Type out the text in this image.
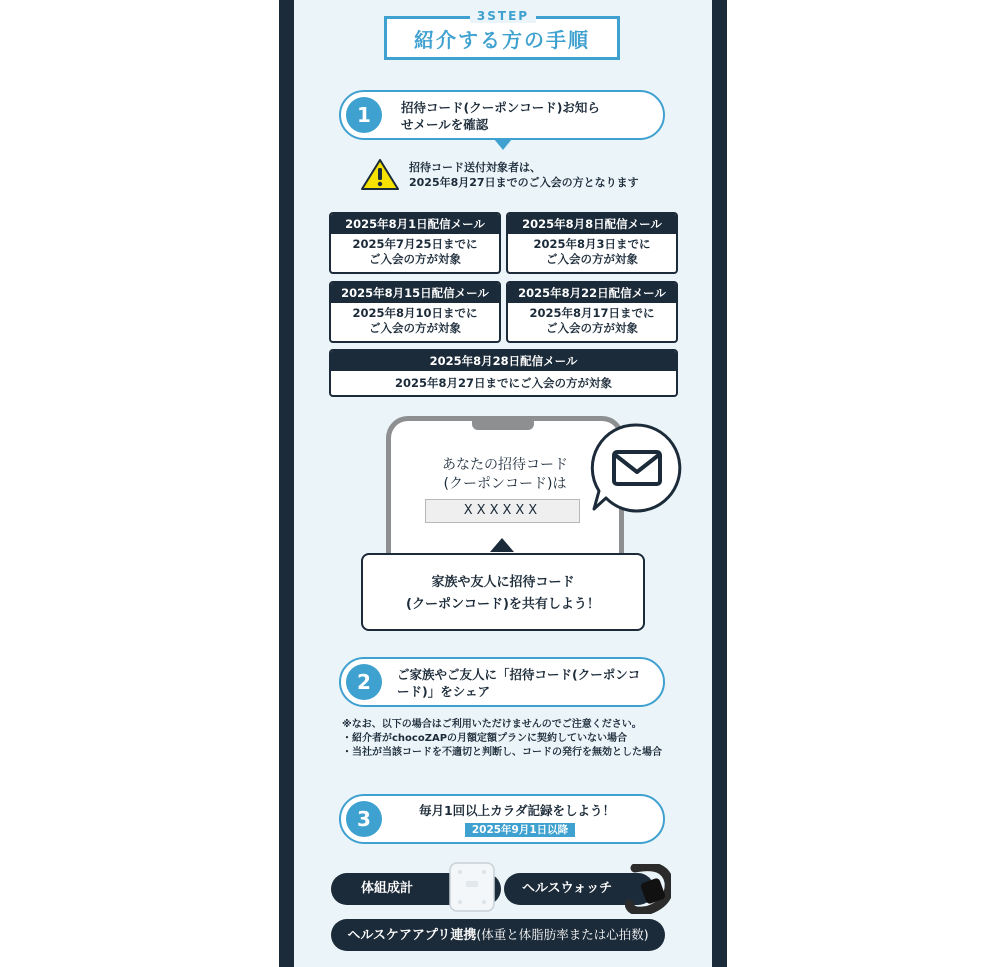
3STEP
紹介する方の手順
1	招待コード(クーポンコード)お知らせメールを確認
招待コード送付対象者は、
2025年8月27日までのご入会の方となります
2025年8月1日配信メール
2025年7月25日までに
ご入会の方が対象
2025年8月8日配信メール
2025年8月3日までに
ご入会の方が対象
2025年8月15日配信メール
2025年8月10日までに
ご入会の方が対象
2025年8月22日配信メール
2025年8月17日までに
ご入会の方が対象
2025年8月28日配信メール
2025年8月27日までにご入会の方が対象
あなたの招待コード
(クーポンコード)は
XXXXXX
家族や友人に招待コード
(クーポンコード)を共有しよう！
2	ご家族やご友人に「招待コード(クーポンコード)」をシェア
※なお、以下の場合はご利用いただけませんのでご注意ください。
・紹介者がchocoZAPの月額定額プランに契約していない場合
・当社が当該コードを不適切と判断し、コードの発行を無効とした場合
3	毎月1回以上カラダ記録をしよう！
2025年9月1日以降
体組成計	ヘルスウォッチ
ヘルスケアアプリ連携(体重と体脂肪率または心拍数)
